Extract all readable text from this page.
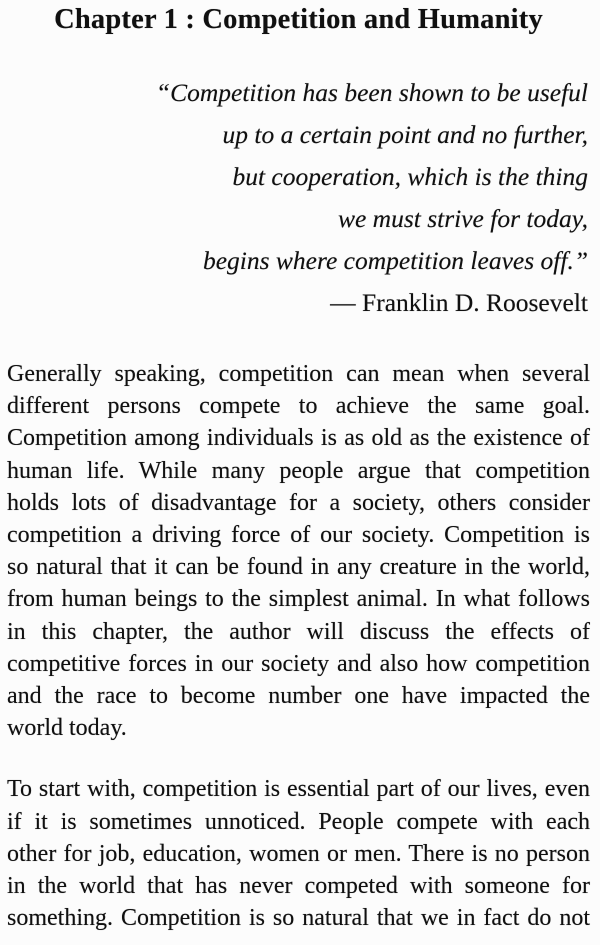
Chapter 1 : Competition and Humanity
“Competition has been shown to be useful
up to a certain point and no further,
but cooperation, which is the thing
we must strive for today,
begins where competition leaves off.”
— Franklin D. Roosevelt
Generally speaking, competition can mean when several
different persons compete to achieve the same goal.
Competition among individuals is as old as the existence of
human life. While many people argue that competition
holds lots of disadvantage for a society, others consider
competition a driving force of our society. Competition is
so natural that it can be found in any creature in the world,
from human beings to the simplest animal. In what follows
in this chapter, the author will discuss the effects of
competitive forces in our society and also how competition
and the race to become number one have impacted the
world today.
To start with, competition is essential part of our lives, even
if it is sometimes unnoticed. People compete with each
other for job, education, women or men. There is no person
in the world that has never competed with someone for
something. Competition is so natural that we in fact do not
